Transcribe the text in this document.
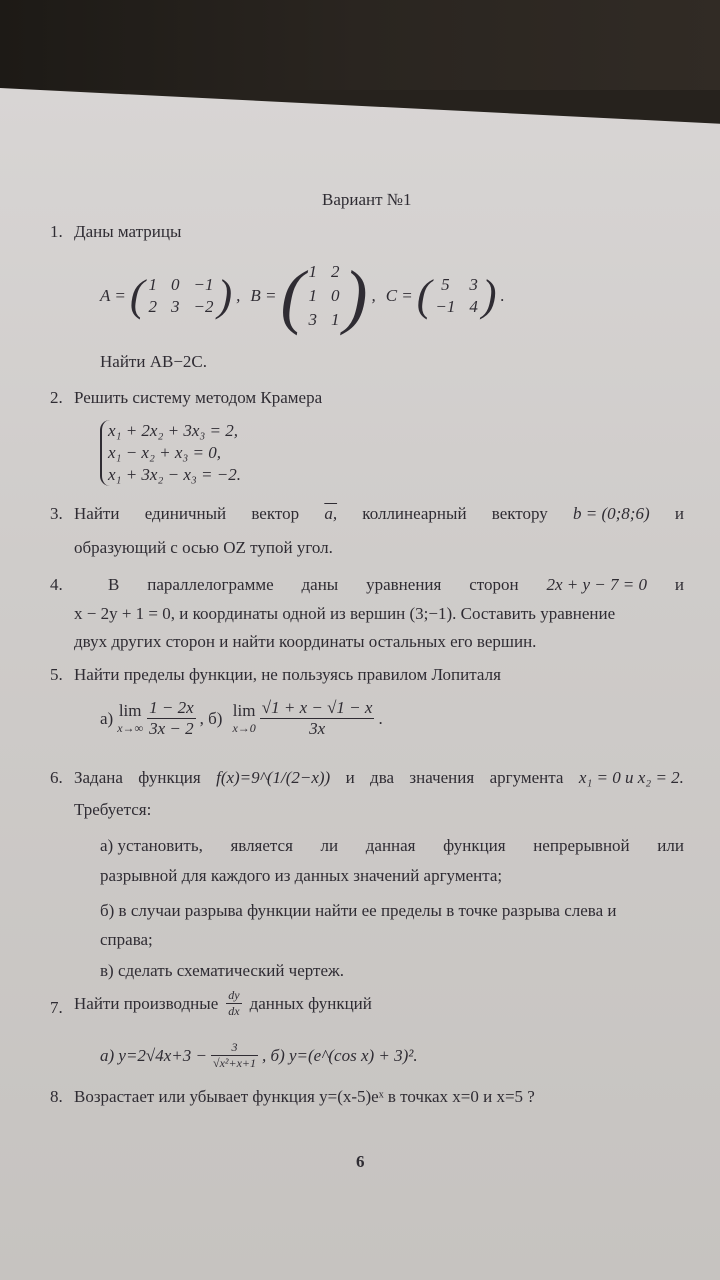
Вариант №1
1. Даны матрицы
A = ( 1 0 −1
2 3 −2 ) , B = ( 1 2
1 0
3 1 ) , C = ( 5	3
−1 4 ) .
Найти AB−2C.
2. Решить систему методом Крамера
x₁ + 2x₂ + 3x₃ = 2,
x₁ − x₂ + x₃ = 0,
x₁ + 3x₂ − x₃ = −2.
3. Найти единичный вектор a, коллинеарный вектору b = (0;8;6) и
образующий с осью OZ тупой угол.
4.	В параллелограмме даны уравнения сторон 2x + y − 7 = 0 и
x − 2y + 1 = 0, и координаты одной из вершин (3;−1). Составить уравнение
двух других сторон и найти координаты остальных его вершин.
5. Найти пределы функции, не пользуясь правилом Лопиталя
а) lim
$x\to\infty \frac{1 - 2x}{3x - 2}$ , б) lim
$x\to 0 \frac{√1 + x - √1 - x}{3x}$ .
6. Задана функция f(x)=9^(1/(2−x)) и два значения аргумента x₁ = 0 и x₂ = 2.
Требуется:
а) установить, является ли данная функция непрерывной или
разрывной для каждого из данных значений аргумента;
б) в случаи разрыва функции найти ее пределы в точке разрыва слева и
справа;
в) сделать схематический чертеж.
7. Найти производные $\frac{dy}{dx}$ данных функций
а) $y=2√4x+3 - \frac{3}{\text{√x²+x+1}}$ , б) y=(e^(cos x) + 3)².
8. Возрастает или убывает функция y=(x-5)eˣ в точках x=0 и x=5 ?
6
